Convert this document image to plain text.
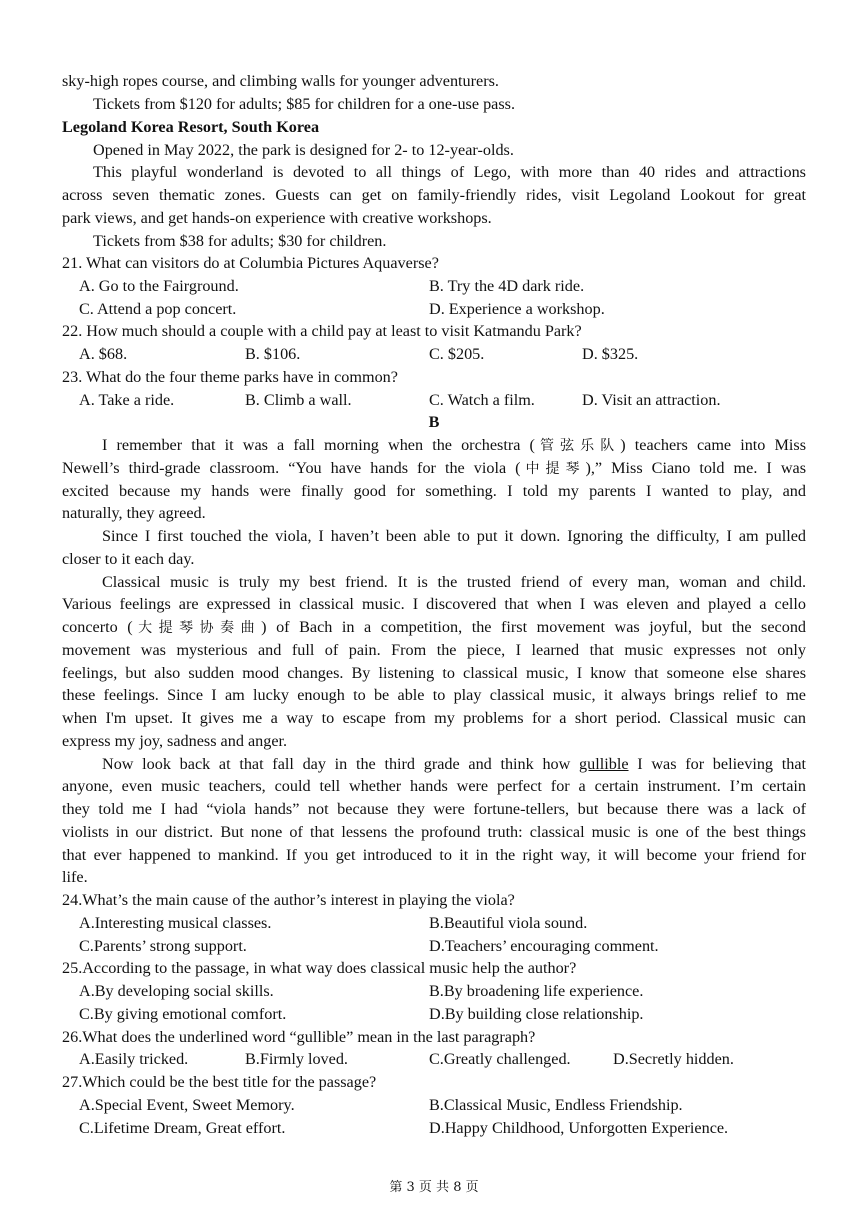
sky-high ropes course, and climbing walls for younger adventurers.
Tickets from $120 for adults; $85 for children for a one-use pass.
Legoland Korea Resort, South Korea
Opened in May 2022, the park is designed for 2- to 12-year-olds.
This playful wonderland is devoted to all things of Lego, with more than 40 rides and attractions
across seven thematic zones. Guests can get on family-friendly rides, visit Legoland Lookout for great
park views, and get hands-on experience with creative workshops.
Tickets from $38 for adults; $30 for children.
21. What can visitors do at Columbia Pictures Aquaverse?
A. Go to the Fairground.	B. Try the 4D dark ride.
C. Attend a pop concert.	D. Experience a workshop.
22. How much should a couple with a child pay at least to visit Katmandu Park?
A. $68.	B. $106.	C. $205.	D. $325.
23. What do the four theme parks have in common?
A. Take a ride.	B. Climb a wall.	C. Watch a film.	D. Visit an attraction.
B
I remember that it was a fall morning when the orchestra (管弦乐队) teachers came into Miss
Newell’s third-grade classroom. “You have hands for the viola (中提琴),” Miss Ciano told me. I was
excited because my hands were finally good for something. I told my parents I wanted to play, and
naturally, they agreed.
Since I first touched the viola, I haven’t been able to put it down. Ignoring the difficulty, I am pulled
closer to it each day.
Classical music is truly my best friend. It is the trusted friend of every man, woman and child.
Various feelings are expressed in classical music. I discovered that when I was eleven and played a cello
concerto (大提琴协奏曲) of Bach in a competition, the first movement was joyful, but the second
movement was mysterious and full of pain. From the piece, I learned that music expresses not only
feelings, but also sudden mood changes. By listening to classical music, I know that someone else shares
these feelings. Since I am lucky enough to be able to play classical music, it always brings relief to me
when I'm upset. It gives me a way to escape from my problems for a short period. Classical music can
express my joy, sadness and anger.
Now look back at that fall day in the third grade and think how gullible I was for believing that
anyone, even music teachers, could tell whether hands were perfect for a certain instrument. I’m certain
they told me I had “viola hands” not because they were fortune-tellers, but because there was a lack of
violists in our district. But none of that lessens the profound truth: classical music is one of the best things
that ever happened to mankind. If you get introduced to it in the right way, it will become your friend for
life.
24.What’s the main cause of the author’s interest in playing the viola?
A.Interesting musical classes.	B.Beautiful viola sound.
C.Parents’ strong support.	D.Teachers’ encouraging comment.
25.According to the passage, in what way does classical music help the author?
A.By developing social skills.	B.By broadening life experience.
C.By giving emotional comfort.	D.By building close relationship.
26.What does the underlined word “gullible” mean in the last paragraph?
A.Easily tricked.	B.Firmly loved.	C.Greatly challenged.	D.Secretly hidden.
27.Which could be the best title for the passage?
A.Special Event, Sweet Memory.	B.Classical Music, Endless Friendship.
C.Lifetime Dream, Great effort.	D.Happy Childhood, Unforgotten Experience.
第 3 页 共 8 页
